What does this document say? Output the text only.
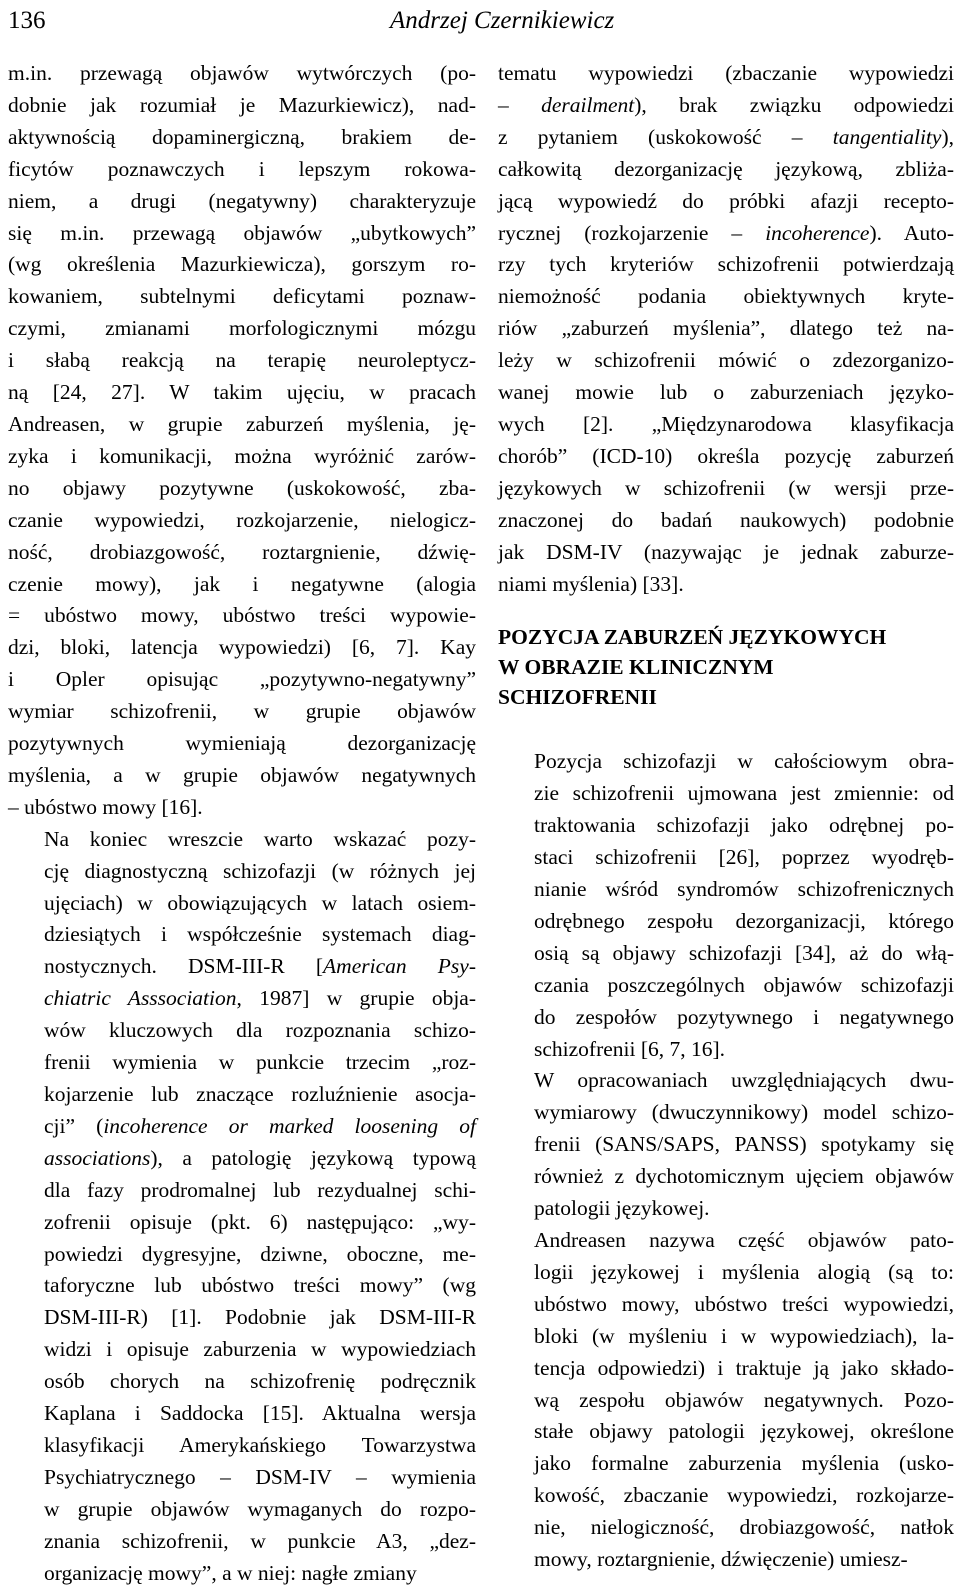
136	Andrzej Czernikiewicz
m.in. przewagą objawów wytwórczych (po-
dobnie jak rozumiał je Mazurkiewicz), nad-
aktywnością dopaminergiczną, brakiem de-
ficytów poznawczych i lepszym rokowa-
niem, a drugi (negatywny) charakteryzuje
się m.in. przewagą objawów „ubytkowych”
(wg określenia Mazurkiewicza), gorszym ro-
kowaniem, subtelnymi deficytami poznaw-
czymi, zmianami morfologicznymi mózgu
i słabą reakcją na terapię neuroleptycz-
ną [24, 27]. W takim ujęciu, w pracach
Andreasen, w grupie zaburzeń myślenia, ję-
zyka i komunikacji, można wyróżnić zarów-
no objawy pozytywne (uskokowość, zba-
czanie wypowiedzi, rozkojarzenie, nielogicz-
ność, drobiazgowość, roztargnienie, dźwię-
czenie mowy), jak i negatywne (alogia
= ubóstwo mowy, ubóstwo treści wypowie-
dzi, bloki, latencja wypowiedzi) [6, 7]. Kay
i Opler opisując „pozytywno-negatywny”
wymiar schizofrenii, w grupie objawów
pozytywnych wymieniają dezorganizację
myślenia, a w grupie objawów negatywnych
– ubóstwo mowy [16].
Na koniec wreszcie warto wskazać pozy-
cję diagnostyczną schizofazji (w różnych jej
ujęciach) w obowiązujących w latach osiem-
dziesiątych i współcześnie systemach diag-
nostycznych. DSM-III-R [American Psy-
chiatric Asssociation, 1987] w grupie obja-
wów kluczowych dla rozpoznania schizo-
frenii wymienia w punkcie trzecim „roz-
kojarzenie lub znaczące rozluźnienie asocja-
cji” (incoherence or marked loosening of
associations), a patologię językową typową
dla fazy prodromalnej lub rezydualnej schi-
zofrenii opisuje (pkt. 6) następująco: „wy-
powiedzi dygresyjne, dziwne, oboczne, me-
taforyczne lub ubóstwo treści mowy” (wg
DSM-III-R) [1]. Podobnie jak DSM-III-R
widzi i opisuje zaburzenia w wypowiedziach
osób chorych na schizofrenię podręcznik
Kaplana i Saddocka [15]. Aktualna wersja
klasyfikacji Amerykańskiego Towarzystwa
Psychiatrycznego – DSM-IV – wymienia
w grupie objawów wymaganych do rozpo-
znania schizofrenii, w punkcie A3, „dez-
organizację mowy”, a w niej: nagłe zmiany
tematu wypowiedzi (zbaczanie wypowiedzi
– derailment), brak związku odpowiedzi
z pytaniem (uskokowość – tangentiality),
całkowitą dezorganizację językową, zbliża-
jącą wypowiedź do próbki afazji recepto-
rycznej (rozkojarzenie – incoherence). Auto-
rzy tych kryteriów schizofrenii potwierdzają
niemożność podania obiektywnych kryte-
riów „zaburzeń myślenia”, dlatego też na-
leży w schizofrenii mówić o zdezorganizo-
wanej mowie lub o zaburzeniach języko-
wych [2]. „Międzynarodowa klasyfikacja
chorób” (ICD-10) określa pozycję zaburzeń
językowych w schizofrenii (w wersji prze-
znaczonej do badań naukowych) podobnie
jak DSM-IV (nazywając je jednak zaburze-
niami myślenia) [33].
POZYCJA ZABURZEŃ JĘZYKOWYCH
W OBRAZIE KLINICZNYM
SCHIZOFRENII
Pozycja schizofazji w całościowym obra-
zie schizofrenii ujmowana jest zmiennie: od
traktowania schizofazji jako odrębnej po-
staci schizofrenii [26], poprzez wyodręb-
nianie wśród syndromów schizofrenicznych
odrębnego zespołu dezorganizacji, którego
osią są objawy schizofazji [34], aż do włą-
czania poszczególnych objawów schizofazji
do zespołów pozytywnego i negatywnego
schizofrenii [6, 7, 16].
W opracowaniach uwzględniających dwu-
wymiarowy (dwuczynnikowy) model schizo-
frenii (SANS/SAPS, PANSS) spotykamy się
również z dychotomicznym ujęciem objawów
patologii językowej.
Andreasen nazywa część objawów pato-
logii językowej i myślenia alogią (są to:
ubóstwo mowy, ubóstwo treści wypowiedzi,
bloki (w myśleniu i w wypowiedziach), la-
tencja odpowiedzi) i traktuje ją jako składo-
wą zespołu objawów negatywnych. Pozo-
stałe objawy patologii językowej, określone
jako formalne zaburzenia myślenia (usko-
kowość, zbaczanie wypowiedzi, rozkojarze-
nie, nielogiczność, drobiazgowość, natłok
mowy, roztargnienie, dźwięczenie) umiesz-
